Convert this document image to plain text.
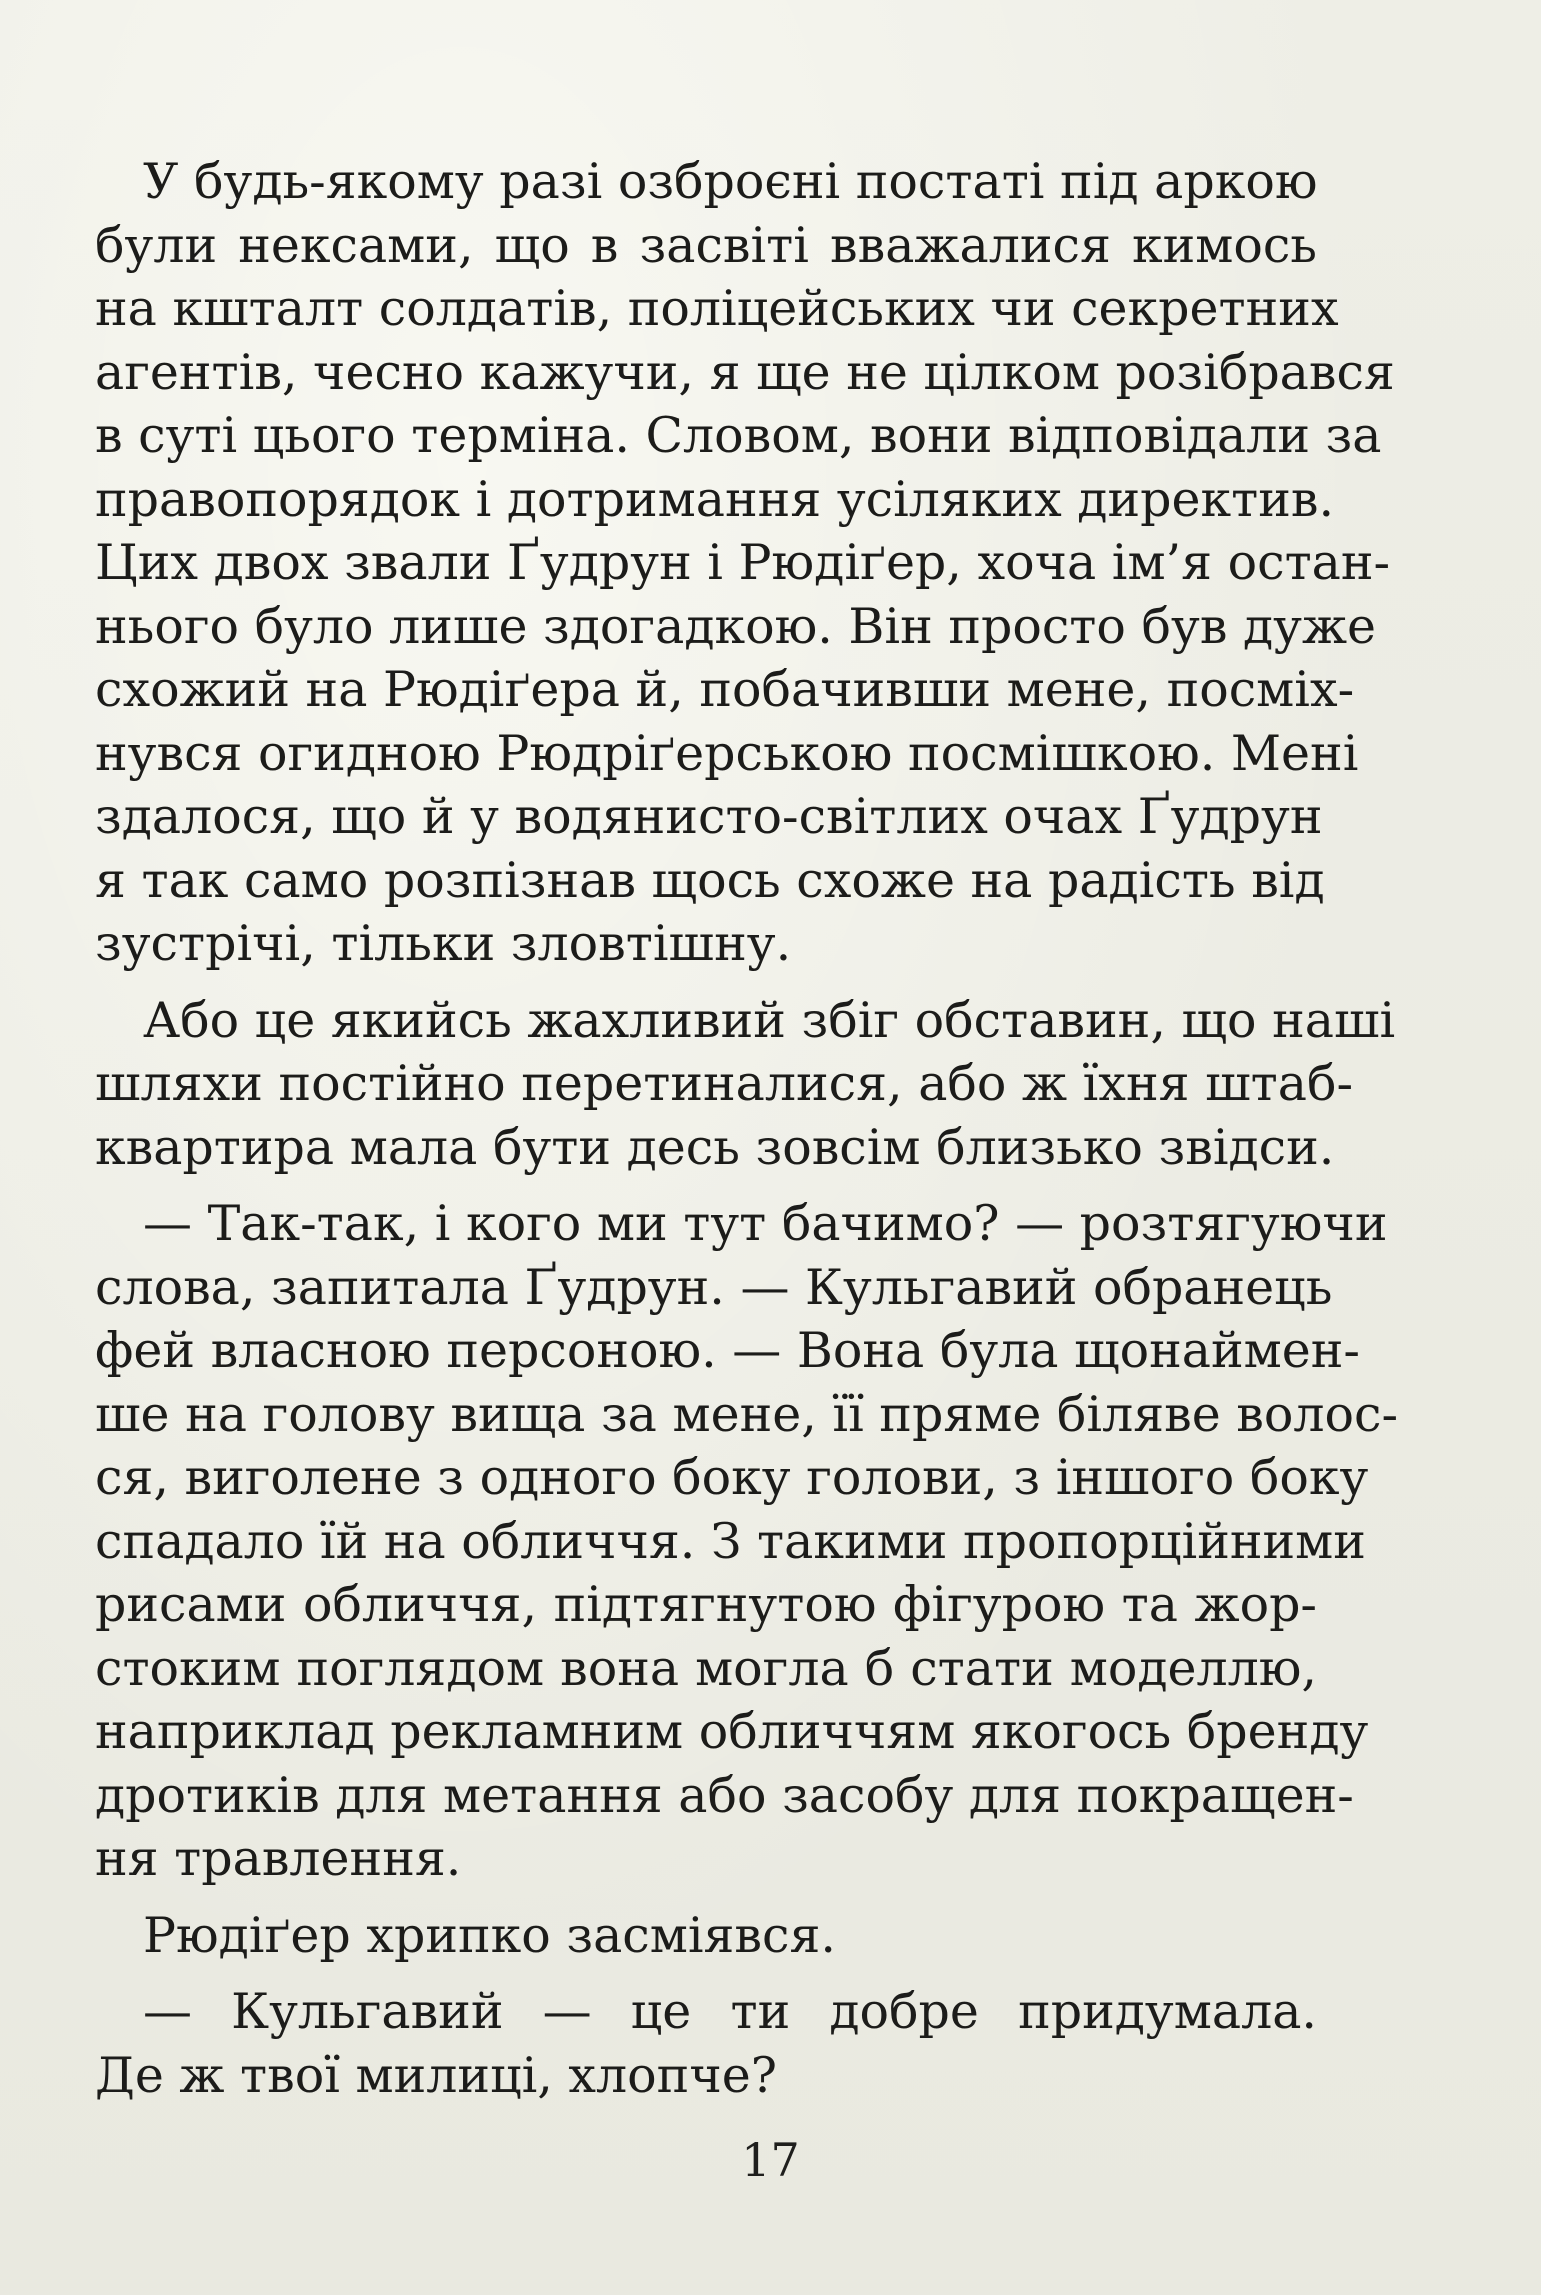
У будь-якому разі озброєні постаті під аркою
були нексами, що в засвіті вважалися кимось
на кшталт солдатів, поліцейських чи секретних
агентів, чесно кажучи, я ще не цілком розібрався
в суті цього терміна. Словом, вони відповідали за
правопорядок і дотримання усіляких директив.
Цих двох звали Ґудрун і Рюдіґер, хоча ім’я остан-
нього було лише здогадкою. Він просто був дуже
схожий на Рюдіґера й, побачивши мене, посміх-
нувся огидною Рюдріґерською посмішкою. Мені
здалося, що й у водянисто-світлих очах Ґудрун
я так само розпізнав щось схоже на радість від
зустрічі, тільки зловтішну.
Або це якийсь жахливий збіг обставин, що наші
шляхи постійно перетиналися, або ж їхня штаб-
квартира мала бути десь зовсім близько звідси.
— Так-так, і кого ми тут бачимо? — розтягуючи
слова, запитала Ґудрун. — Кульгавий обранець
фей власною персоною. — Вона була щонаймен-
ше на голову вища за мене, її пряме біляве волос-
ся, виголене з одного боку голови, з іншого боку
спадало їй на обличчя. З такими пропорційними
рисами обличчя, підтягнутою фігурою та жор-
стоким поглядом вона могла б стати моделлю,
наприклад рекламним обличчям якогось бренду
дротиків для метання або засобу для покращен-
ня травлення.
Рюдіґер хрипко засміявся.
— Кульгавий — це ти добре придумала.
Де ж твої милиці, хлопче?
17
